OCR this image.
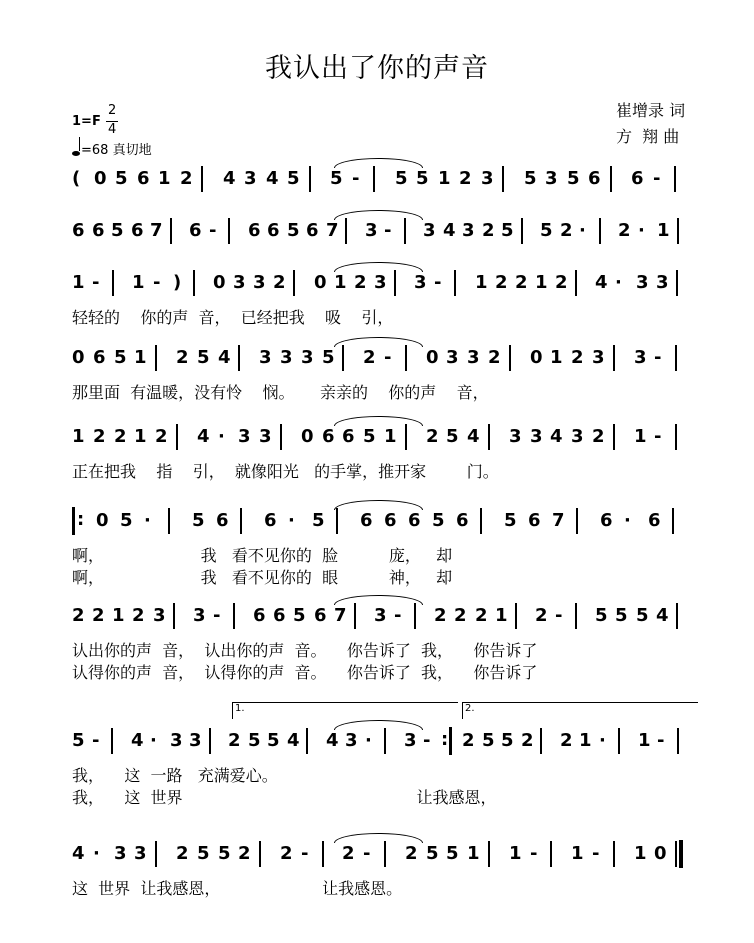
我认出了你的声音
崔增录 词
方  翔 曲
1=F
2
4
=68 真切地
( 0 5 6 1 2 4 3 4 5 5 - 5 5 1 2 3 5 3 5 6 6 -
6 6 5 6 7 6 - 6 6 5 6 7 3 - 3 4 3 2 5 5 2 · 2 · 1
1 - 1 - ) 0 3 3 2 0 1 2 3 3 - 1 2 2 1 2 4 · 3 3
轻轻的    你的声  音，  已经把我    吸    引，
0 6 5 1 2 5 4 3 3 3 5 2 - 0 3 3 2 0 1 2 3 3 -
那里面  有温暖，没有怜    悯。     亲亲的    你的声    音，
1 2 2 1 2 4 · 3 3 0 6 6 5 1 2 5 4 3 3 4 3 2 1 -
正在把我    指    引，  就像阳光   的手掌，推开家        门。
: 0 5 · 5 6 6 · 5 6 6 6 5 6 5 6 7 6 · 6
啊，                   我   看不见你的  脸          庞，   却
啊，                   我   看不见你的  眼          神，   却
2 2 1 2 3 3 - 6 6 5 6 7 3 - 2 2 2 1 2 - 5 5 5 4
认出你的声  音，  认出你的声  音。    你告诉了  我，    你告诉了
认得你的声  音，  认得你的声  音。    你告诉了  我，    你告诉了
5 - 4 · 3 3 2 5 5 4 4 3 · 3 - : 2 5 5 2 2 1 · 1 -
1.	2.
我，    这  一路   充满爱心。
我，    这  世界                                              让我感恩，
4 · 3 3 2 5 5 2 2 - 2 - 2 5 5 1 1 - 1 - 1 0
这  世界  让我感恩，                    让我感恩。
